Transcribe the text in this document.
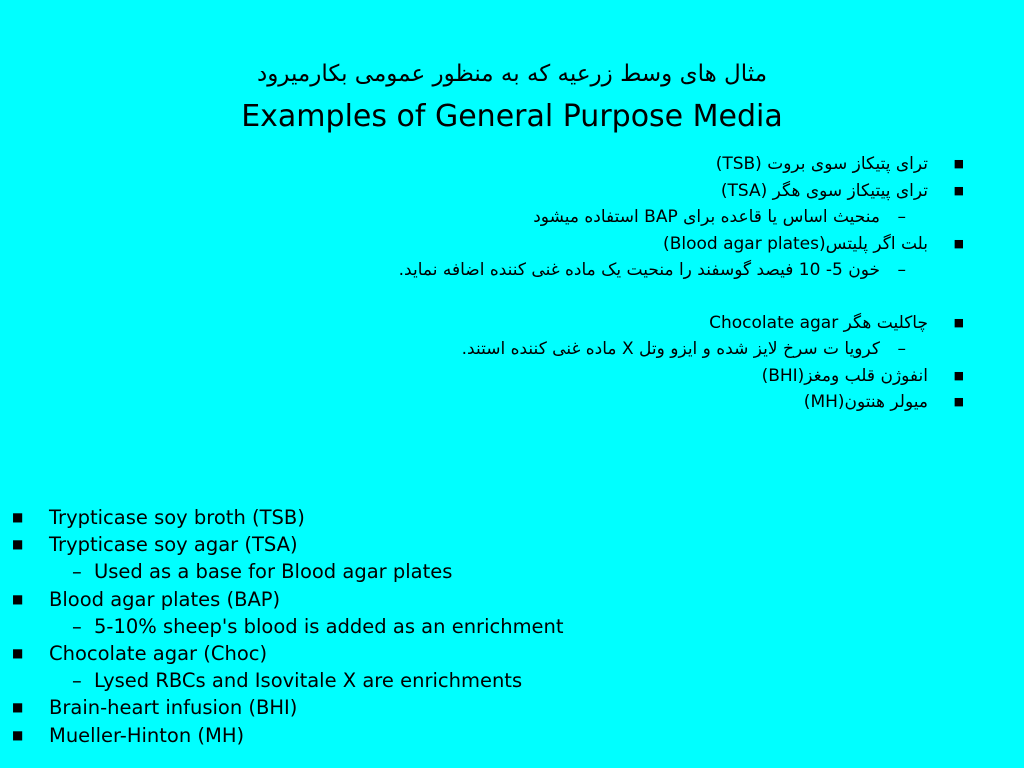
مثال های وسط زرعیه که به منظور عمومی بکارمیرود
Examples of General Purpose Media
■
ترای پتیکاز سوی بروت (TSB)
■
ترای پیتیکاز سوی هگر (TSA)
–
منحیث اساس یا قاعده برای BAP استفاده میشود
■
بلت اگر پلیتس(Blood agar plates)
–
خون 5- 10 فیصد گوسفند را منحیت یک ماده غنی کننده اضافه نماید.
■
چاکلیت هگر Chocolate agar
–
کرویا ت سرخ لایز شده و ایزو وتل X ماده غنی کننده استند.
■
انفوژن قلب ومغز(BHI)
■
میولر هنتون(MH)
■ Trypticase soy broth (TSB)
■ Trypticase soy agar (TSA)
– Used as a base for Blood agar plates
■ Blood agar plates (BAP)
– 5-10% sheep's blood is added as an enrichment
■ Chocolate agar (Choc)
– Lysed RBCs and Isovitale X are enrichments
■ Brain-heart infusion (BHI)
■ Mueller-Hinton (MH)
